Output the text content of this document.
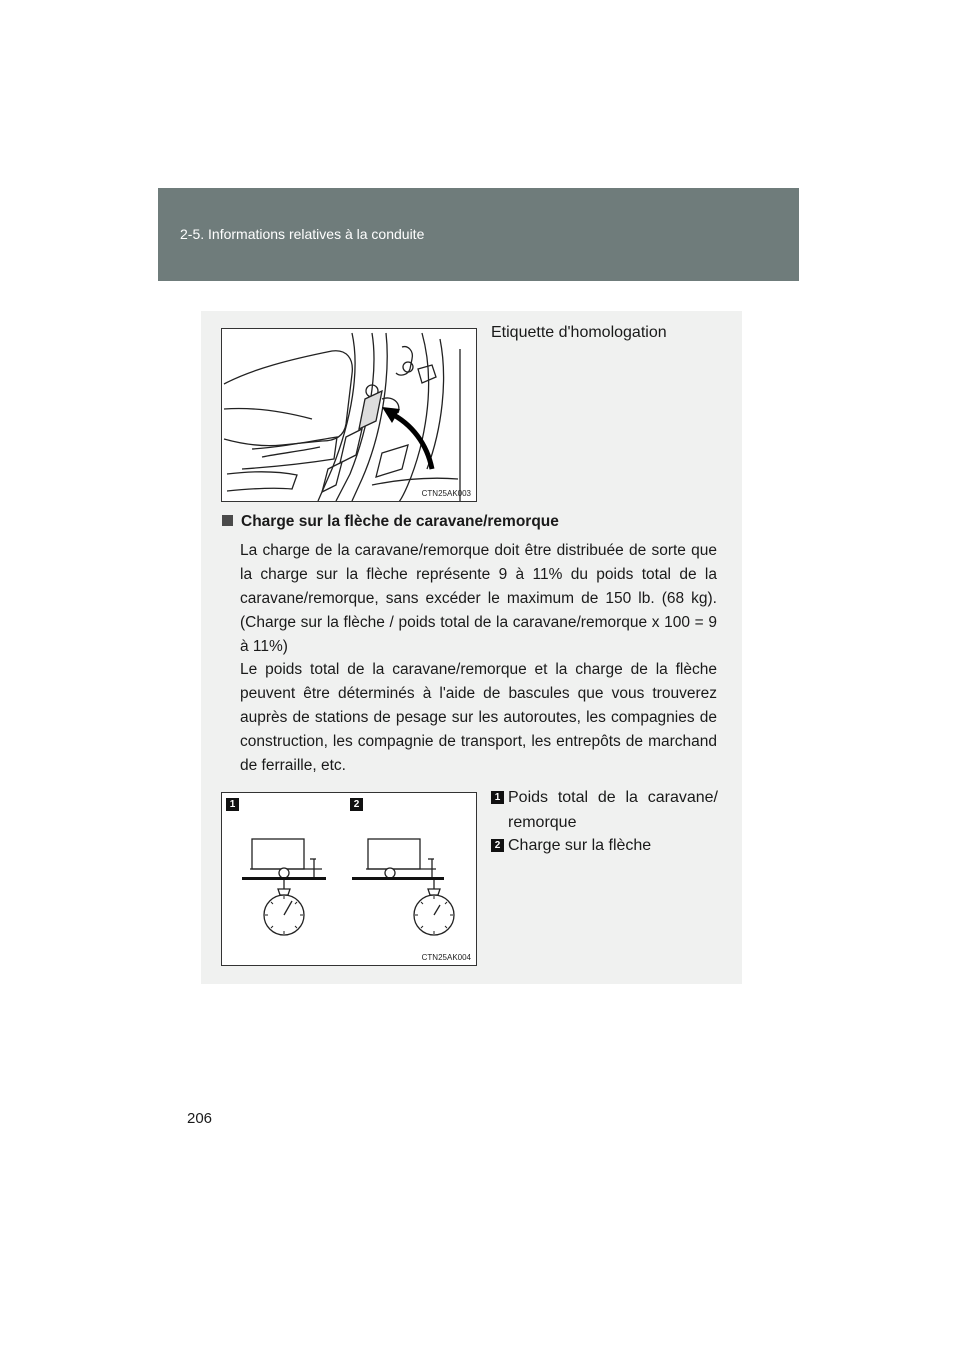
2-5. Informations relatives à la conduite
CTN25AK003
Etiquette d'homologation
Charge sur la flèche de caravane/remorque
La charge de la caravane/remorque doit être distribuée de sorte que la charge sur la flèche représente 9 à 11% du poids total de la caravane/remorque, sans excéder le maximum de 150 lb. (68 kg). (Charge sur la flèche / poids total de la caravane/remorque x 100 = 9 à 11%)
Le poids total de la caravane/remorque et la charge de la flèche peuvent être déterminés à l'aide de bascules que vous trouverez auprès de stations de pesage sur les autoroutes, les compagnies de construction, les compagnie de transport, les entrepôts de marchand de ferraille, etc.
1	2
CTN25AK004
1 Poids total de la caravane/ remorque
2 Charge sur la flèche
206
